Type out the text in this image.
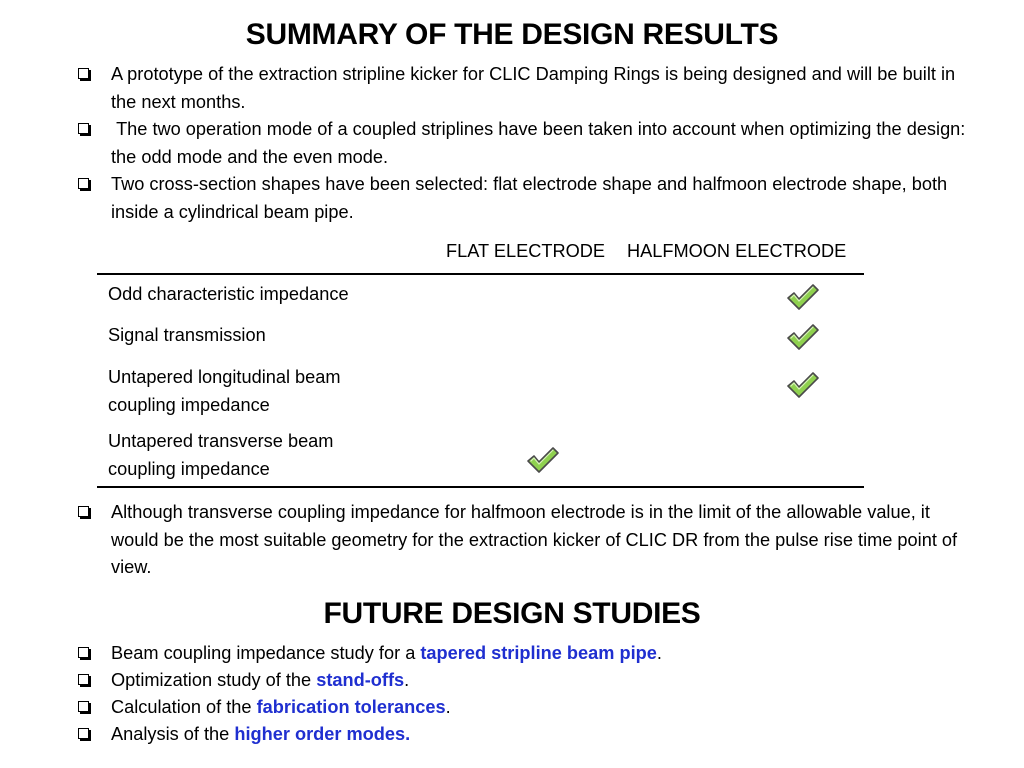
SUMMARY OF THE DESIGN RESULTS
A prototype of the extraction stripline kicker for CLIC Damping Rings is being designed and will be built in the next months.
The two operation mode of a coupled striplines have been taken into account when optimizing the design: the odd mode and the even mode.
Two cross-section shapes have been selected: flat electrode shape and halfmoon electrode shape, both inside a cylindrical beam pipe.
FLAT ELECTRODE HALFMOON ELECTRODE
Odd characteristic impedance
Signal transmission
Untapered longitudinal beam coupling impedance
Untapered transverse beam coupling impedance
Although transverse coupling impedance for halfmoon electrode is in the limit of the allowable value, it would be the most suitable geometry for the extraction kicker of CLIC DR from the pulse rise time point of view.
FUTURE DESIGN STUDIES
Beam coupling impedance study for a tapered stripline beam pipe.
Optimization study of the stand-offs.
Calculation of the fabrication tolerances.
Analysis of the higher order modes.
